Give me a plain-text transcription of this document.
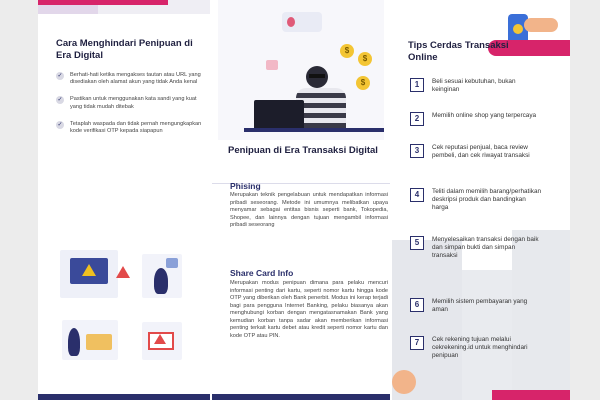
Cara Menghindari Penipuan di Era Digital
✓ Berhati-hati ketika mengakses tautan atau URL yang disediakan oleh alamat akun yang tidak Anda kenal
✓ Pastikan untuk menggunakan kata sandi yang kuat yang tidak mudah ditebak
✓ Tetaplah waspada dan tidak pernah mengungkapkan kode verifikasi OTP kepada siapapun
$
$
$
Penipuan di Era Transaksi Digital
Phising
Merupakan teknik pengelabuan untuk mendapatkan informasi pribadi seseorang. Metode ini umumnya melibatkan upaya menyamar sebagai entitas bisnis seperti bank, Tokopedia, Shopee, dan lainnya dengan tujuan mengambil informasi pribadi seseorang
Share Card Info
Merupakan modus penipuan dimana para pelaku mencuri informasi penting dari kartu, seperti nomor kartu hingga kode OTP yang diberikan oleh Bank penerbit. Modus ini kerap terjadi bagi para pengguna Internet Banking, pelaku biasanya akan menghubungi korban dengan mengatasnamakan Bank yang kemudian korban tanpa sadar akan memberikan informasi penting terkait kartu debet atau kredit seperti nomor kartu dan kode OTP atau PIN.
Tips Cerdas Transaksi Online
1	Beli sesuai kebutuhan, bukan keinginan
2	Memilih online shop yang terpercaya
3	Cek reputasi penjual, baca review pembeli, dan cek riwayat transaksi
4	Teliti dalam memilih barang/perhatikan deskripsi produk dan bandingkan harga
5	Menyelesaikan transaksi dengan baik dan simpan bukti dan simpan transaksi
6	Memilih sistem pembayaran yang aman
7	Cek rekening tujuan melalui cekrekening.id untuk menghindari penipuan
